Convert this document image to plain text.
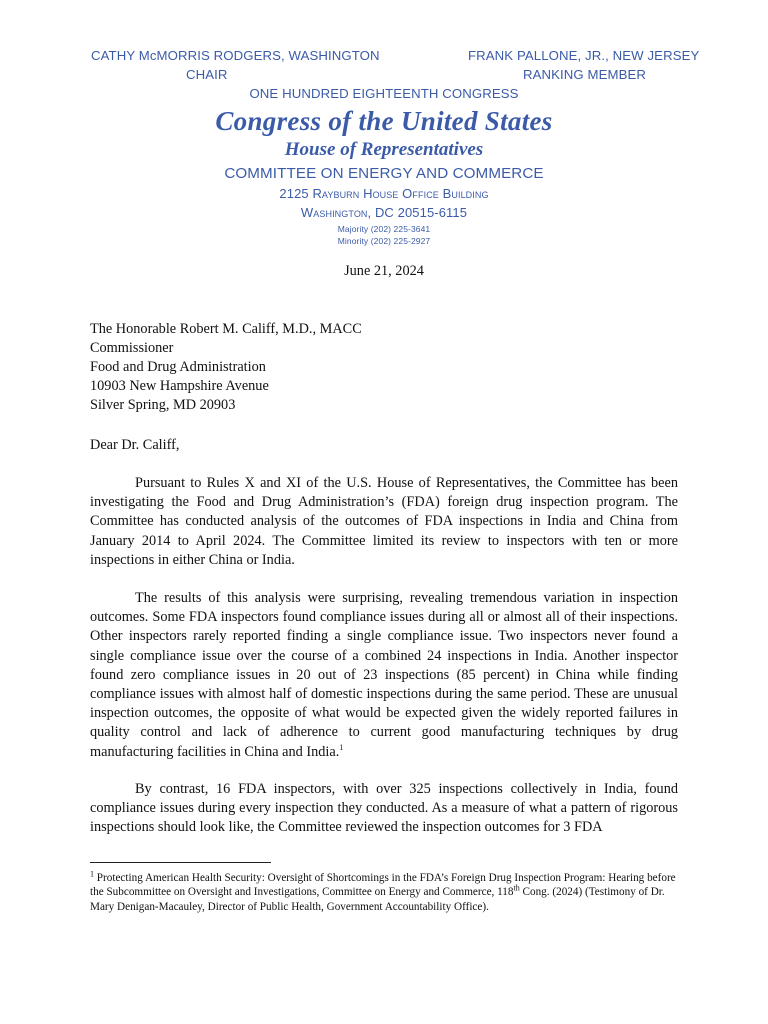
CATHY McMORRIS RODGERS, WASHINGTON
CHAIR
FRANK PALLONE, JR., NEW JERSEY
RANKING MEMBER
ONE HUNDRED EIGHTEENTH CONGRESS
Congress of the United States
House of Representatives
COMMITTEE ON ENERGY AND COMMERCE
2125 Rayburn House Office Building
Washington, DC 20515-6115
Majority (202) 225-3641
Minority (202) 225-2927
June 21, 2024
The Honorable Robert M. Califf, M.D., MACC
Commissioner
Food and Drug Administration
10903 New Hampshire Avenue
Silver Spring, MD 20903
Dear Dr. Califf,
Pursuant to Rules X and XI of the U.S. House of Representatives, the Committee has been investigating the Food and Drug Administration’s (FDA) foreign drug inspection program. The Committee has conducted analysis of the outcomes of FDA inspections in India and China from January 2014 to April 2024. The Committee limited its review to inspectors with ten or more inspections in either China or India.
The results of this analysis were surprising, revealing tremendous variation in inspection outcomes. Some FDA inspectors found compliance issues during all or almost all of their inspections. Other inspectors rarely reported finding a single compliance issue. Two inspectors never found a single compliance issue over the course of a combined 24 inspections in India. Another inspector found zero compliance issues in 20 out of 23 inspections (85 percent) in China while finding compliance issues with almost half of domestic inspections during the same period. These are unusual inspection outcomes, the opposite of what would be expected given the widely reported failures in quality control and lack of adherence to current good manufacturing techniques by drug manufacturing facilities in China and India.$^1$
By contrast, 16 FDA inspectors, with over 325 inspections collectively in India, found compliance issues during every inspection they conducted. As a measure of what a pattern of rigorous inspections should look like, the Committee reviewed the inspection outcomes for 3 FDA
$^1$ Protecting American Health Security: Oversight of Shortcomings in the FDA’s Foreign Drug Inspection Program: Hearing before the Subcommittee on Oversight and Investigations, Committee on Energy and Commerce, 118th Cong. (2024) (Testimony of Dr. Mary Denigan-Macauley, Director of Public Health, Government Accountability Office).
